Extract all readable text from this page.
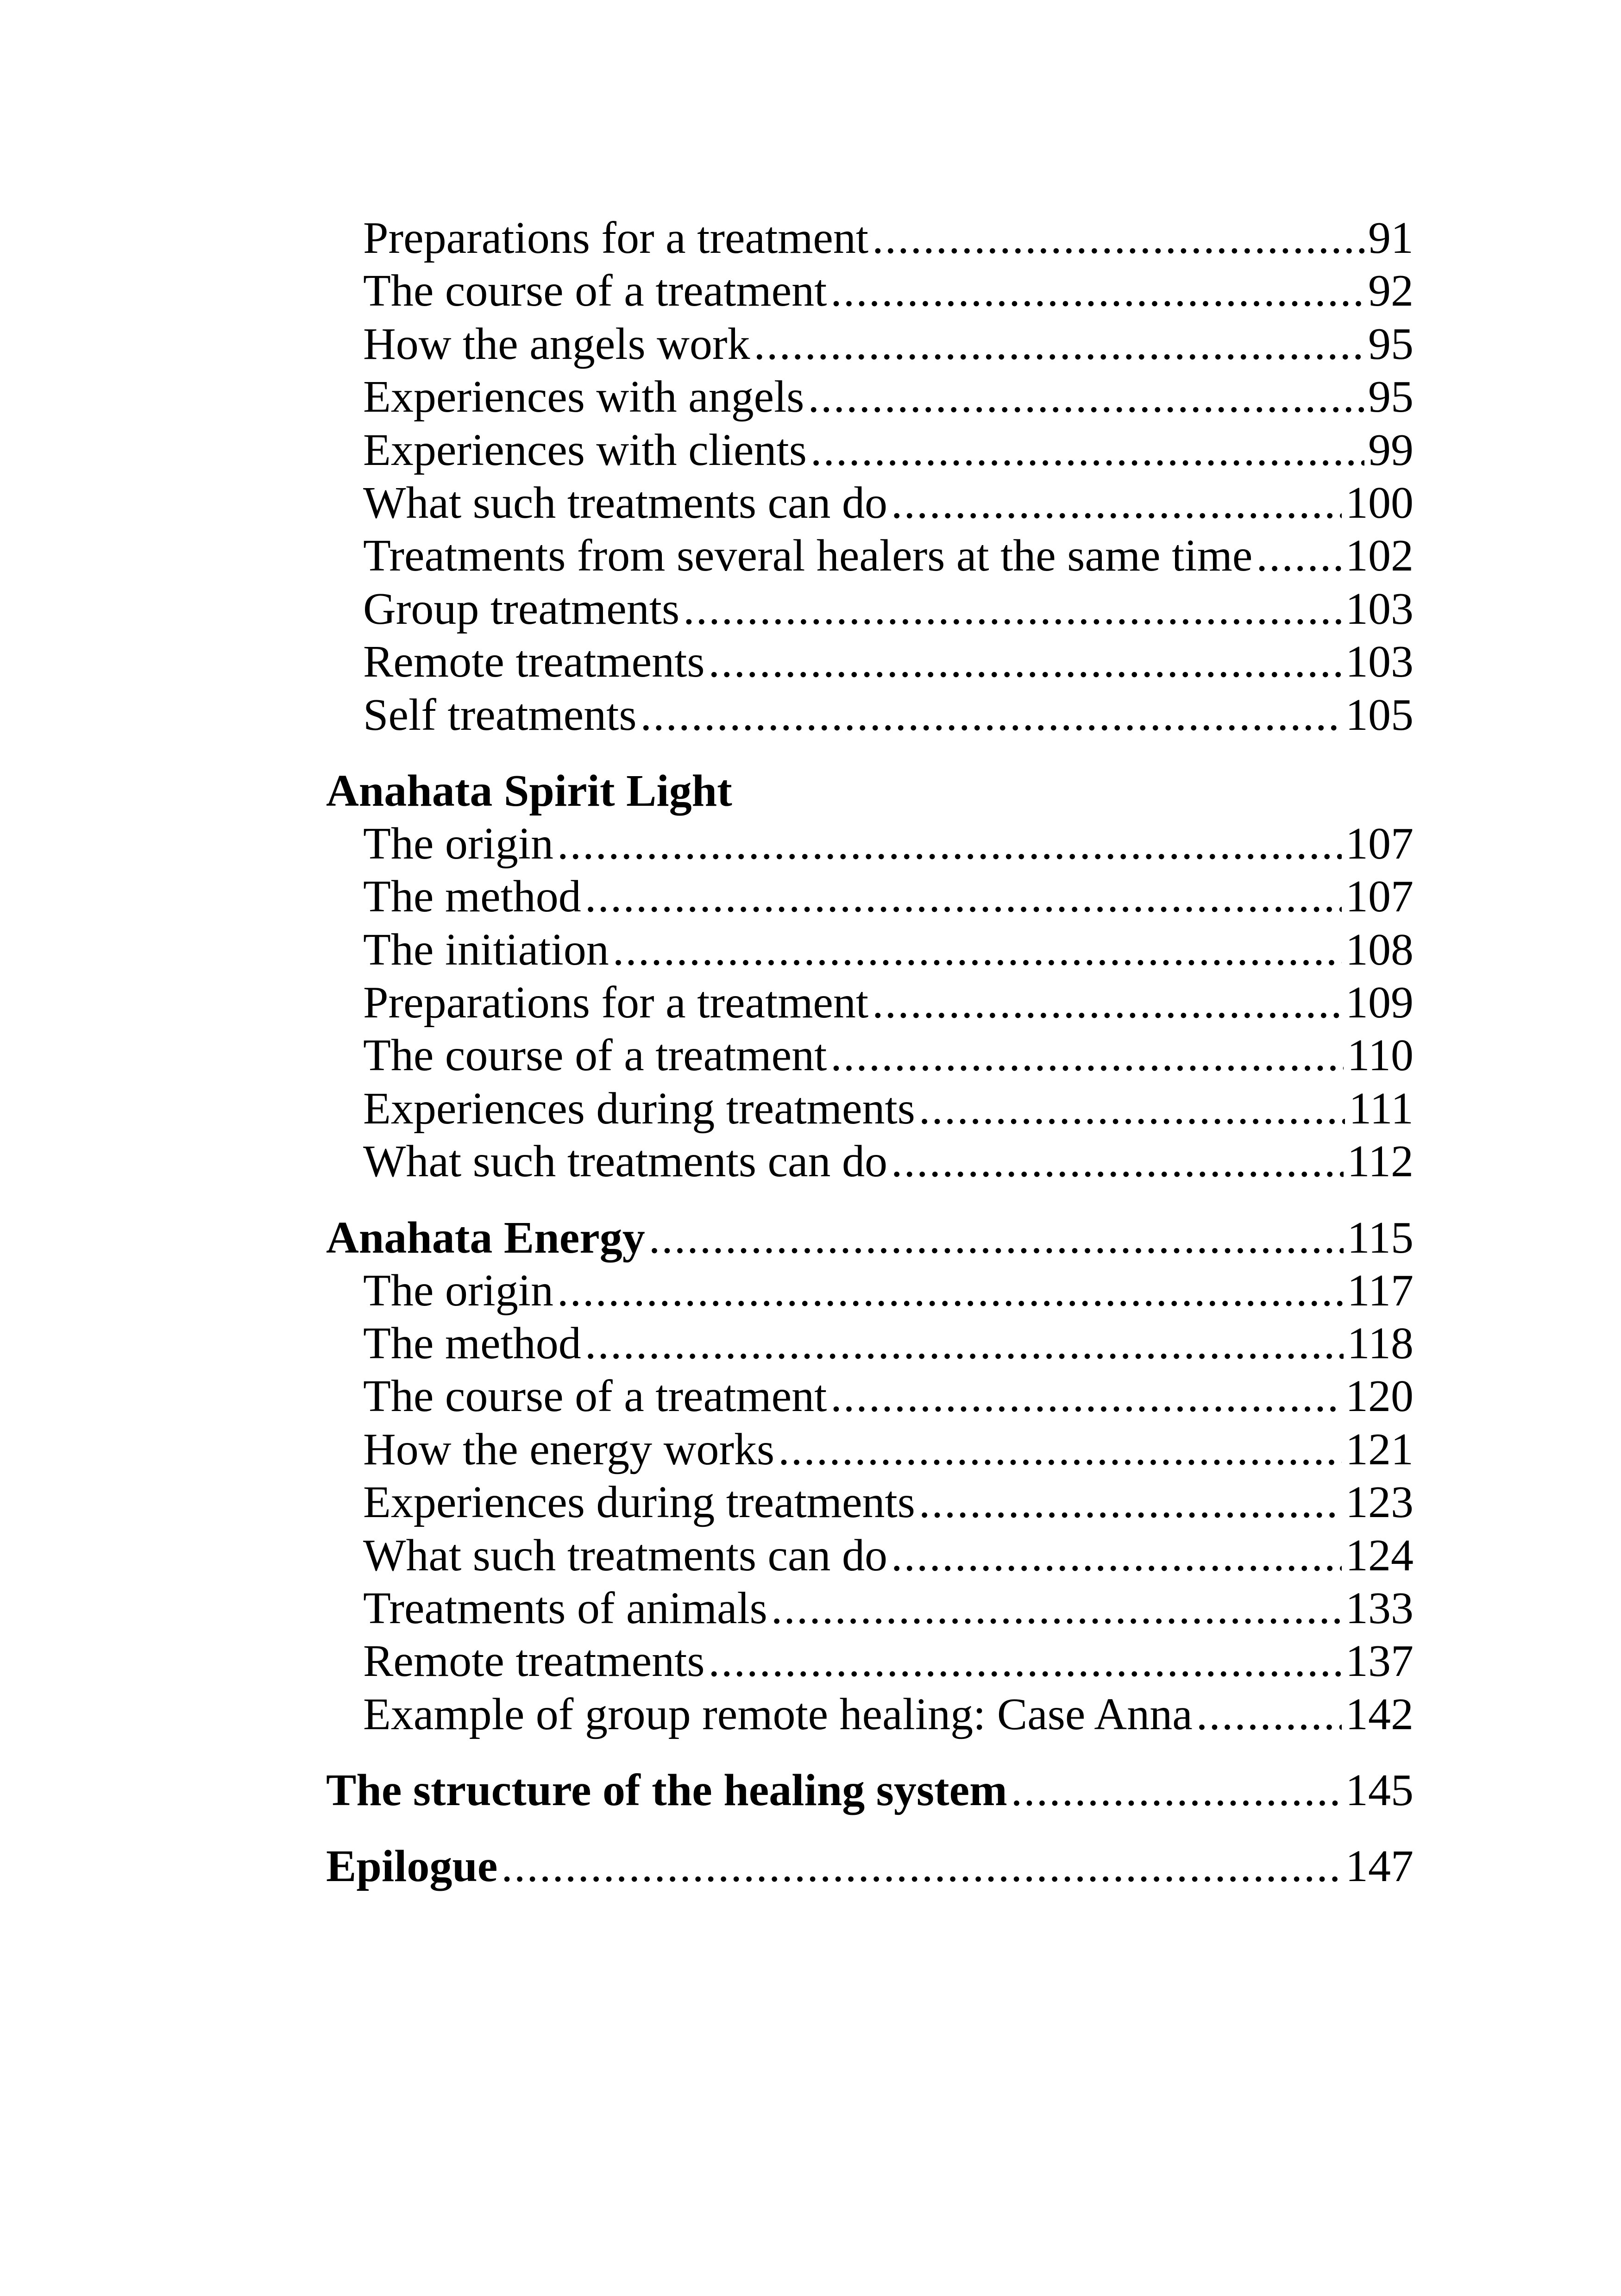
Preparations for a treatment .....	91
The course of a treatment .....	92
How the angels work .....	95
Experiences with angels .....	95
Experiences with clients .....	99
What such treatments can do .....	100
Treatments from several healers at the same time ..... 102
Group treatments .....	103
Remote treatments .....	103
Self treatments .....	105
Anahata Spirit Light
The origin .....	107
The method .....	107
The initiation .....	108
Preparations for a treatment .....	109
The course of a treatment .....	110
Experiences during treatments .....	111
What such treatments can do .....	112
Anahata Energy .....	115
The origin .....	117
The method .....	118
The course of a treatment .....	120
How the energy works .....	121
Experiences during treatments .....	123
What such treatments can do .....	124
Treatments of animals .....	133
Remote treatments .....	137
Example of group remote healing: Case Anna .....	142
The structure of the healing system .....	145
Epilogue .....	147
